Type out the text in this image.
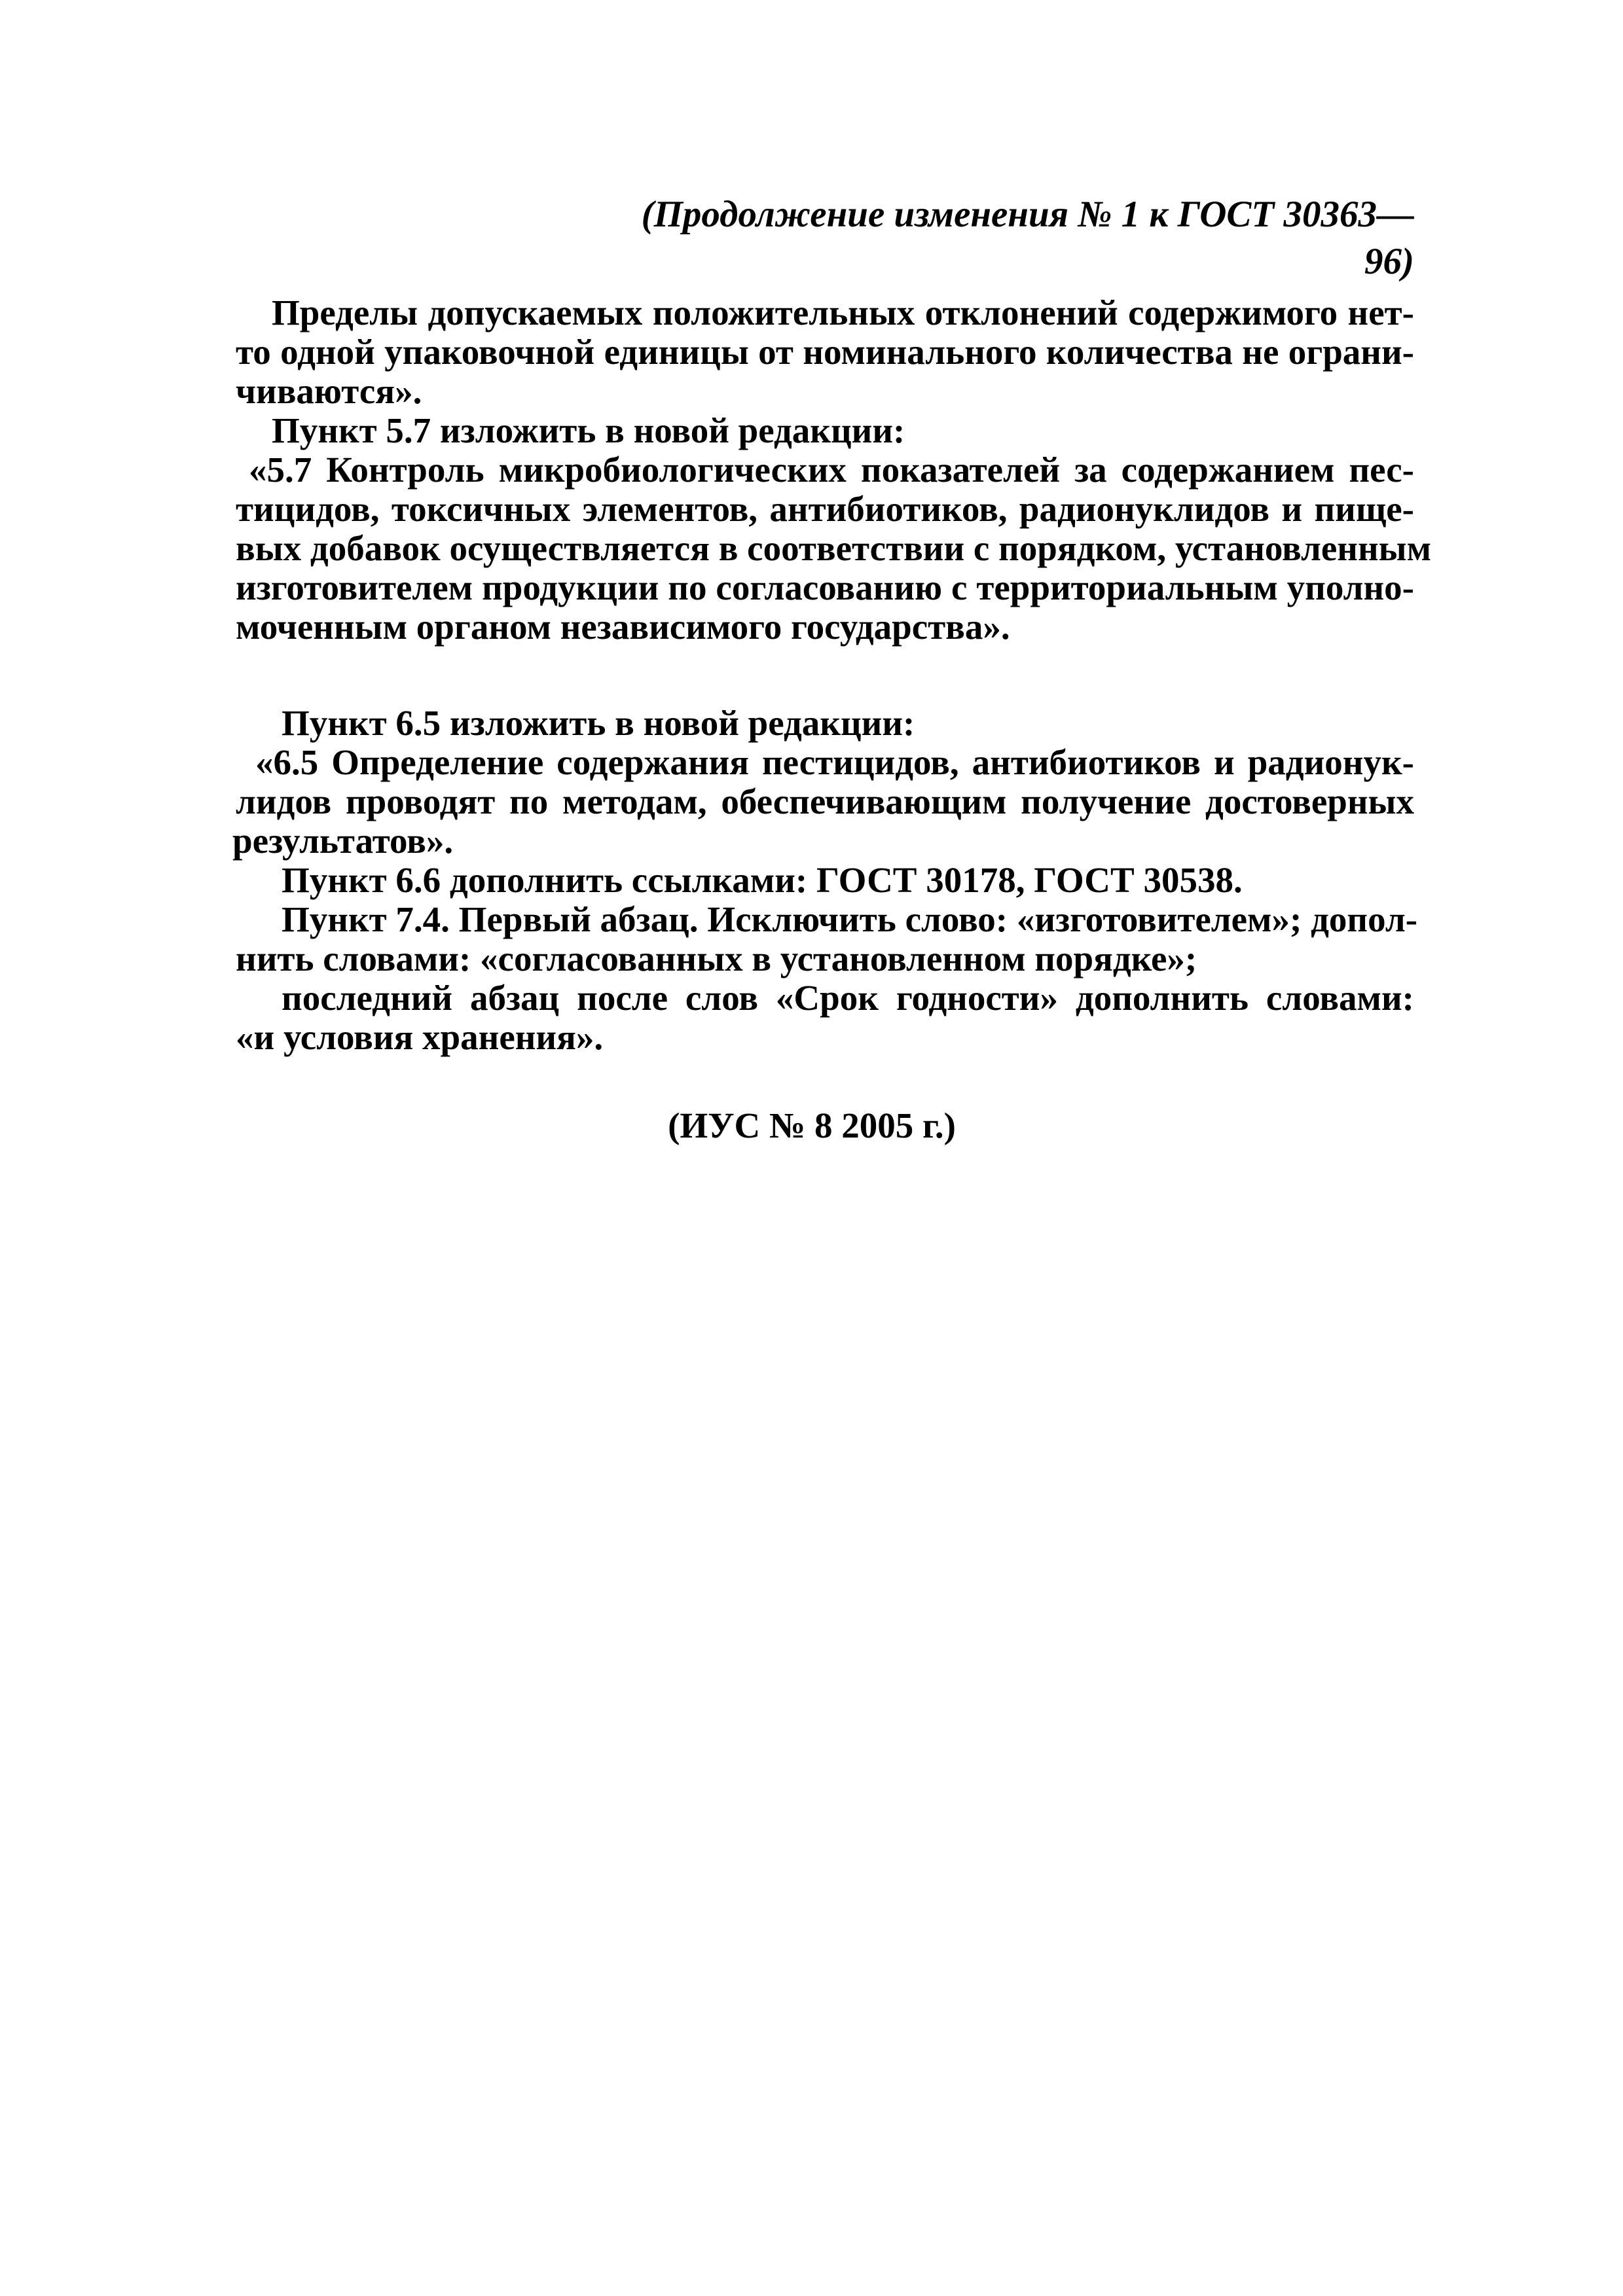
(Продолжение изменения № 1 к ГОСТ 30363—96)
Пределы допускаемых положительных отклонений содержимого нет-
то одной упаковочной единицы от номинального количества не ограни-
чиваются».
Пункт 5.7 изложить в новой редакции:
«5.7 Контроль микробиологических показателей за содержанием пес-
тицидов, токсичных элементов, антибиотиков, радионуклидов и пище-
вых добавок осуществляется в соответствии с порядком, установленным
изготовителем продукции по согласованию с территориальным уполно-
моченным органом независимого государства».
Пункт 6.5 изложить в новой редакции:
«6.5 Определение содержания пестицидов, антибиотиков и радионук-
лидов проводят по методам, обеспечивающим получение достоверных
результатов».
Пункт 6.6 дополнить ссылками: ГОСТ 30178, ГОСТ 30538.
Пункт 7.4. Первый абзац. Исключить слово: «изготовителем»; допол-
нить словами: «согласованных в установленном порядке»;
последний абзац после слов «Срок годности» дополнить словами:
«и условия хранения».
(ИУС № 8 2005 г.)
